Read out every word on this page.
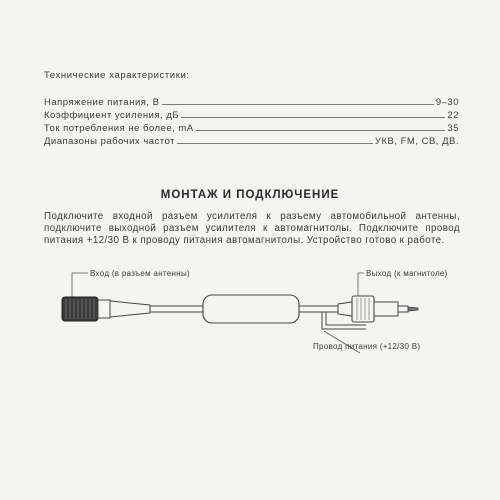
Технические характеристики:
Напряжение питания, В	9–30
Коэффициент усиления, дБ	22
Ток потребления не более, mA	35
Диапазоны рабочих частот	УКВ, FM, СВ, ДВ.
МОНТАЖ И ПОДКЛЮЧЕНИЕ
Подключите входной разъем усилителя к разъему автомобильной антенны, подключите выходной разъем усилителя к автомагнитолы. Подключите провод питания +12/30 В к проводу питания автомагнитолы. Устройство готово к работе.
Вход (в разъем антенны)
Провод питания (+12/30 В)
Выход (к магнитоле)
